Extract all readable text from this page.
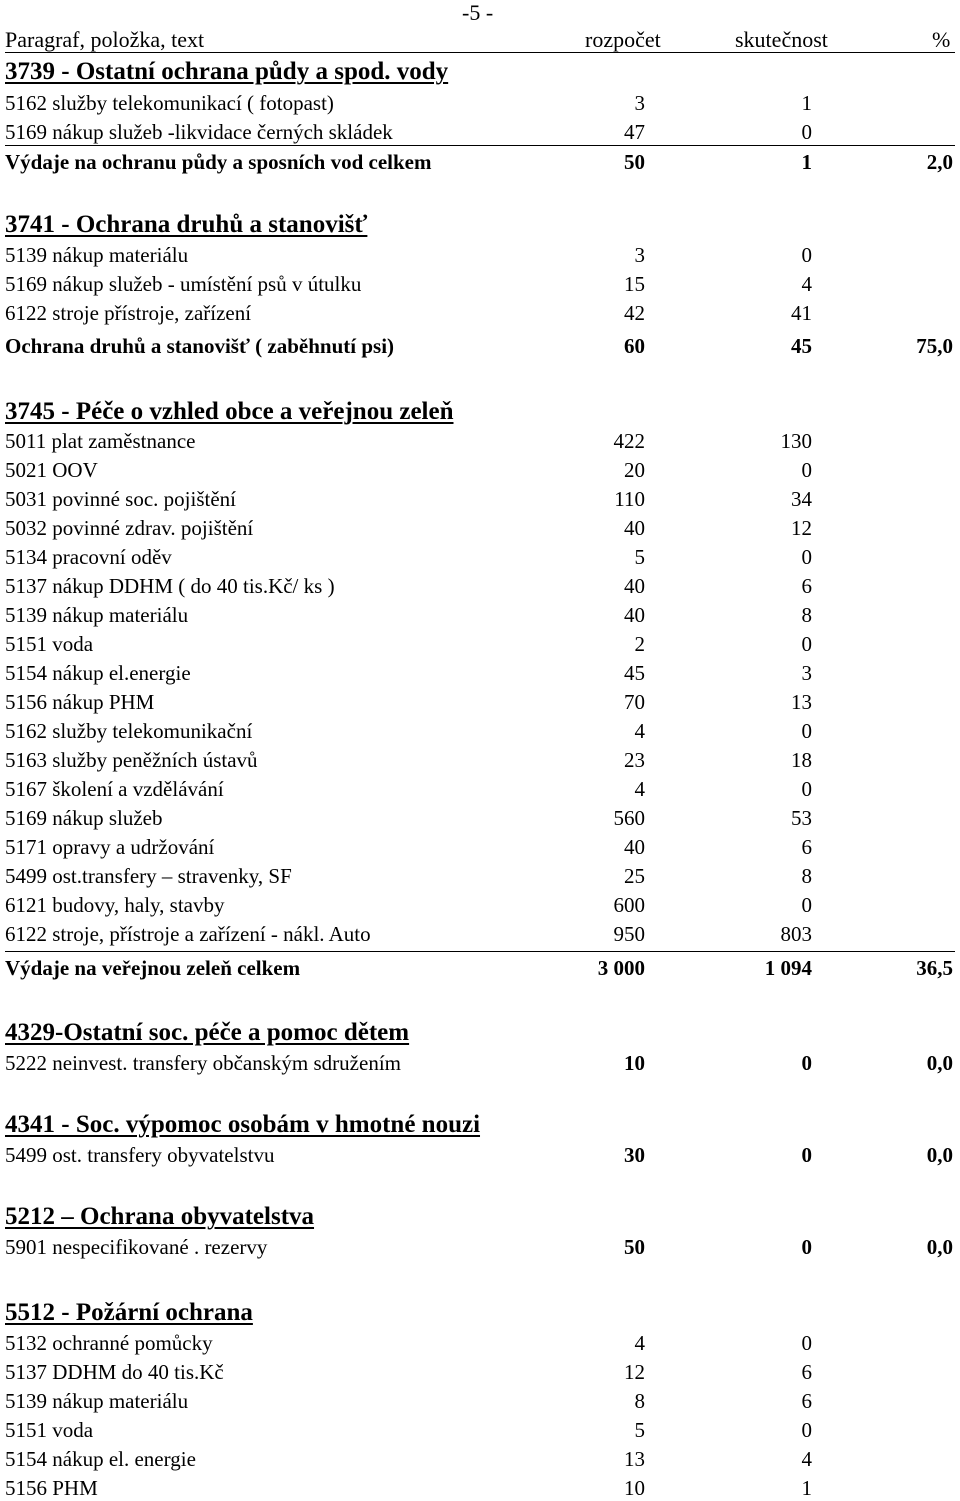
-5 -
Paragraf, položka, text	rozpočet	skutečnost	%
3739 - Ostatní ochrana půdy a spod. vody
5162 služby telekomunikací ( fotopast)	3	1
5169 nákup služeb -likvidace černých skládek	47	0
Výdaje na ochranu půdy a sposních vod celkem	50	1	2,0
3741 - Ochrana druhů a stanovišť
5139 nákup materiálu	3	0
5169 nákup služeb - umístění psů v útulku	15	4
6122 stroje přístroje, zařízení	42	41
Ochrana druhů a stanovišť ( zaběhnutí psi)	60	45	75,0
3745 - Péče o vzhled obce a veřejnou zeleň
5011 plat zaměstnance	422	130
5021 OOV	20	0
5031 povinné soc. pojištění	110	34
5032 povinné zdrav. pojištění	40	12
5134 pracovní oděv	5	0
5137 nákup DDHM ( do 40 tis.Kč/ ks )	40	6
5139 nákup materiálu	40	8
5151 voda	2	0
5154 nákup el.energie	45	3
5156 nákup PHM	70	13
5162 služby telekomunikační	4	0
5163 služby peněžních ústavů	23	18
5167 školení a vzdělávání	4	0
5169 nákup služeb	560	53
5171 opravy a udržování	40	6
5499 ost.transfery – stravenky, SF	25	8
6121 budovy, haly, stavby	600	0
6122 stroje, přístroje a zařízení - nákl. Auto	950	803
Výdaje na veřejnou zeleň celkem	3 000	1 094	36,5
4329-Ostatní soc. péče a pomoc dětem
5222 neinvest. transfery občanským sdružením	10	0	0,0
4341 - Soc. výpomoc osobám v hmotné nouzi
5499 ost. transfery obyvatelstvu	30	0	0,0
5212 – Ochrana obyvatelstva
5901 nespecifikované . rezervy	50	0	0,0
5512 - Požární ochrana
5132 ochranné pomůcky	4	0
5137 DDHM do 40 tis.Kč	12	6
5139 nákup materiálu	8	6
5151 voda	5	0
5154 nákup el. energie	13	4
5156 PHM	10	1
